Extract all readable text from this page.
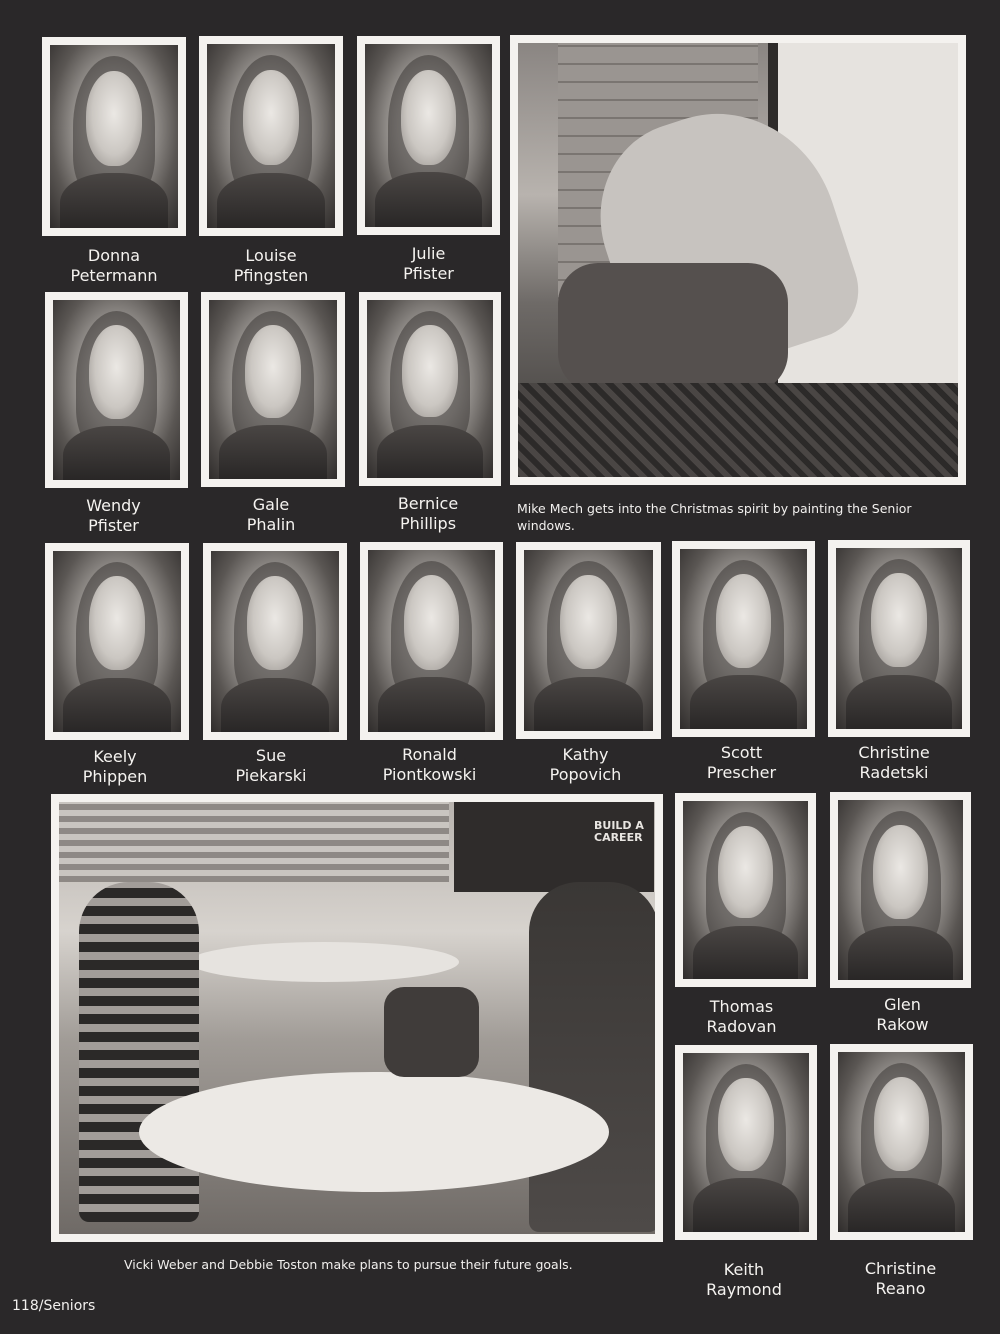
Donna
Petermann
Louise
Pfingsten
Julie
Pfister
Mike Mech gets into the Christmas spirit by painting the Senior windows.
Wendy
Pfister
Gale
Phalin
Bernice
Phillips
Keely
Phippen
Sue
Piekarski
Ronald
Piontkowski
Kathy
Popovich
Scott
Prescher
Christine
Radetski
BUILD A CAREER
Vicki Weber and Debbie Toston make plans to pursue their future goals.
Thomas
Radovan
Glen
Rakow
Keith
Raymond
Christine
Reano
118/Seniors
